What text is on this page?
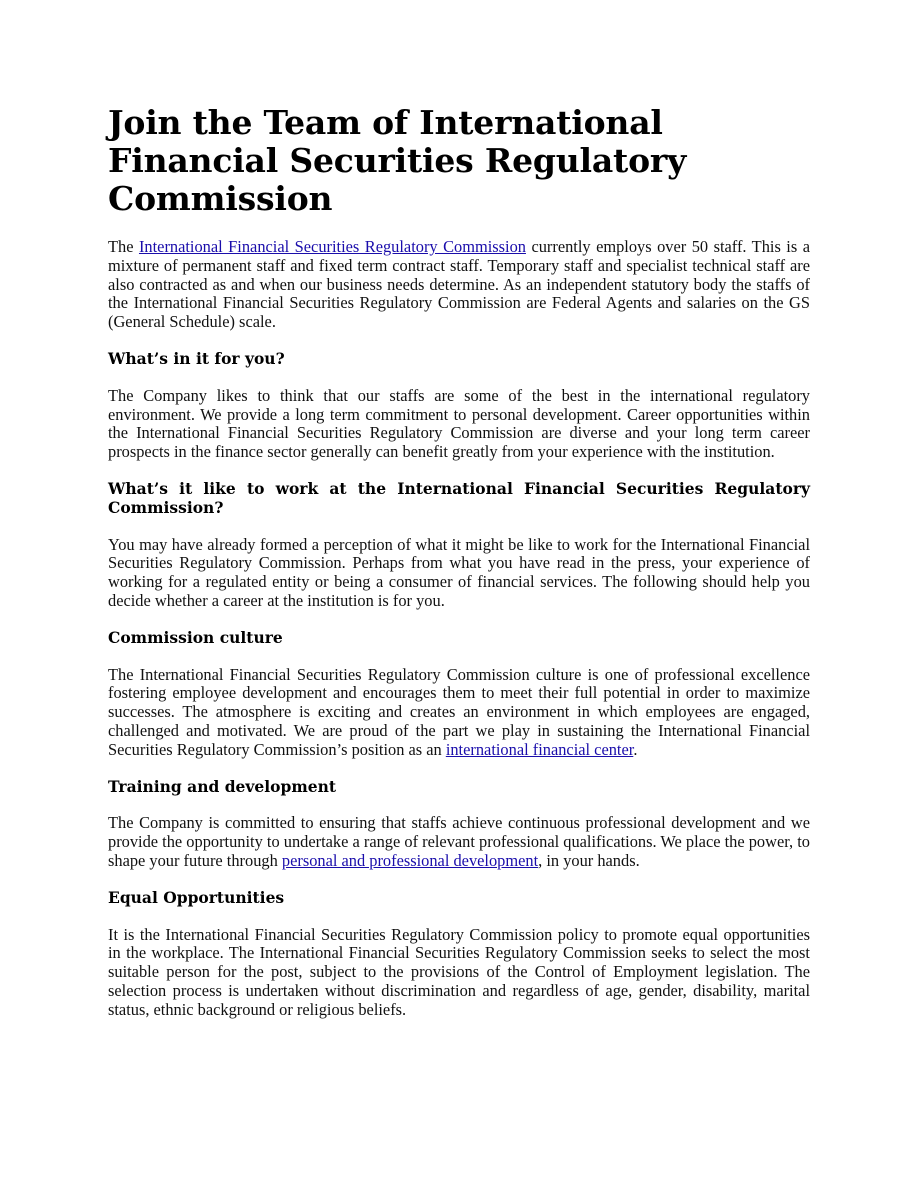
Join the Team of International Financial Securities Regulatory Commission

The International Financial Securities Regulatory Commission currently employs over 50 staff. This is a mixture of permanent staff and fixed term contract staff. Temporary staff and specialist technical staff are also contracted as and when our business needs determine. As an independent statutory body the staffs of the International Financial Securities Regulatory Commission are Federal Agents and salaries on the GS (General Schedule) scale.

What’s in it for you?

The Company likes to think that our staffs are some of the best in the international regulatory environment. We provide a long term commitment to personal development. Career opportunities within the International Financial Securities Regulatory Commission are diverse and your long term career prospects in the finance sector generally can benefit greatly from your experience with the institution.

What’s it like to work at the International Financial Securities Regulatory Commission?

You may have already formed a perception of what it might be like to work for the International Financial Securities Regulatory Commission. Perhaps from what you have read in the press, your experience of working for a regulated entity or being a consumer of financial services. The following should help you decide whether a career at the institution is for you.

Commission culture

The International Financial Securities Regulatory Commission culture is one of professional excellence fostering employee development and encourages them to meet their full potential in order to maximize successes. The atmosphere is exciting and creates an environment in which employees are engaged, challenged and motivated. We are proud of the part we play in sustaining the International Financial Securities Regulatory Commission’s position as an international financial center.

Training and development

The Company is committed to ensuring that staffs achieve continuous professional development and we provide the opportunity to undertake a range of relevant professional qualifications. We place the power, to shape your future through personal and professional development, in your hands.

Equal Opportunities

It is the International Financial Securities Regulatory Commission policy to promote equal opportunities in the workplace. The International Financial Securities Regulatory Commission seeks to select the most suitable person for the post, subject to the provisions of the Control of Employment legislation. The selection process is undertaken without discrimination and regardless of age, gender, disability, marital status, ethnic background or religious beliefs.
